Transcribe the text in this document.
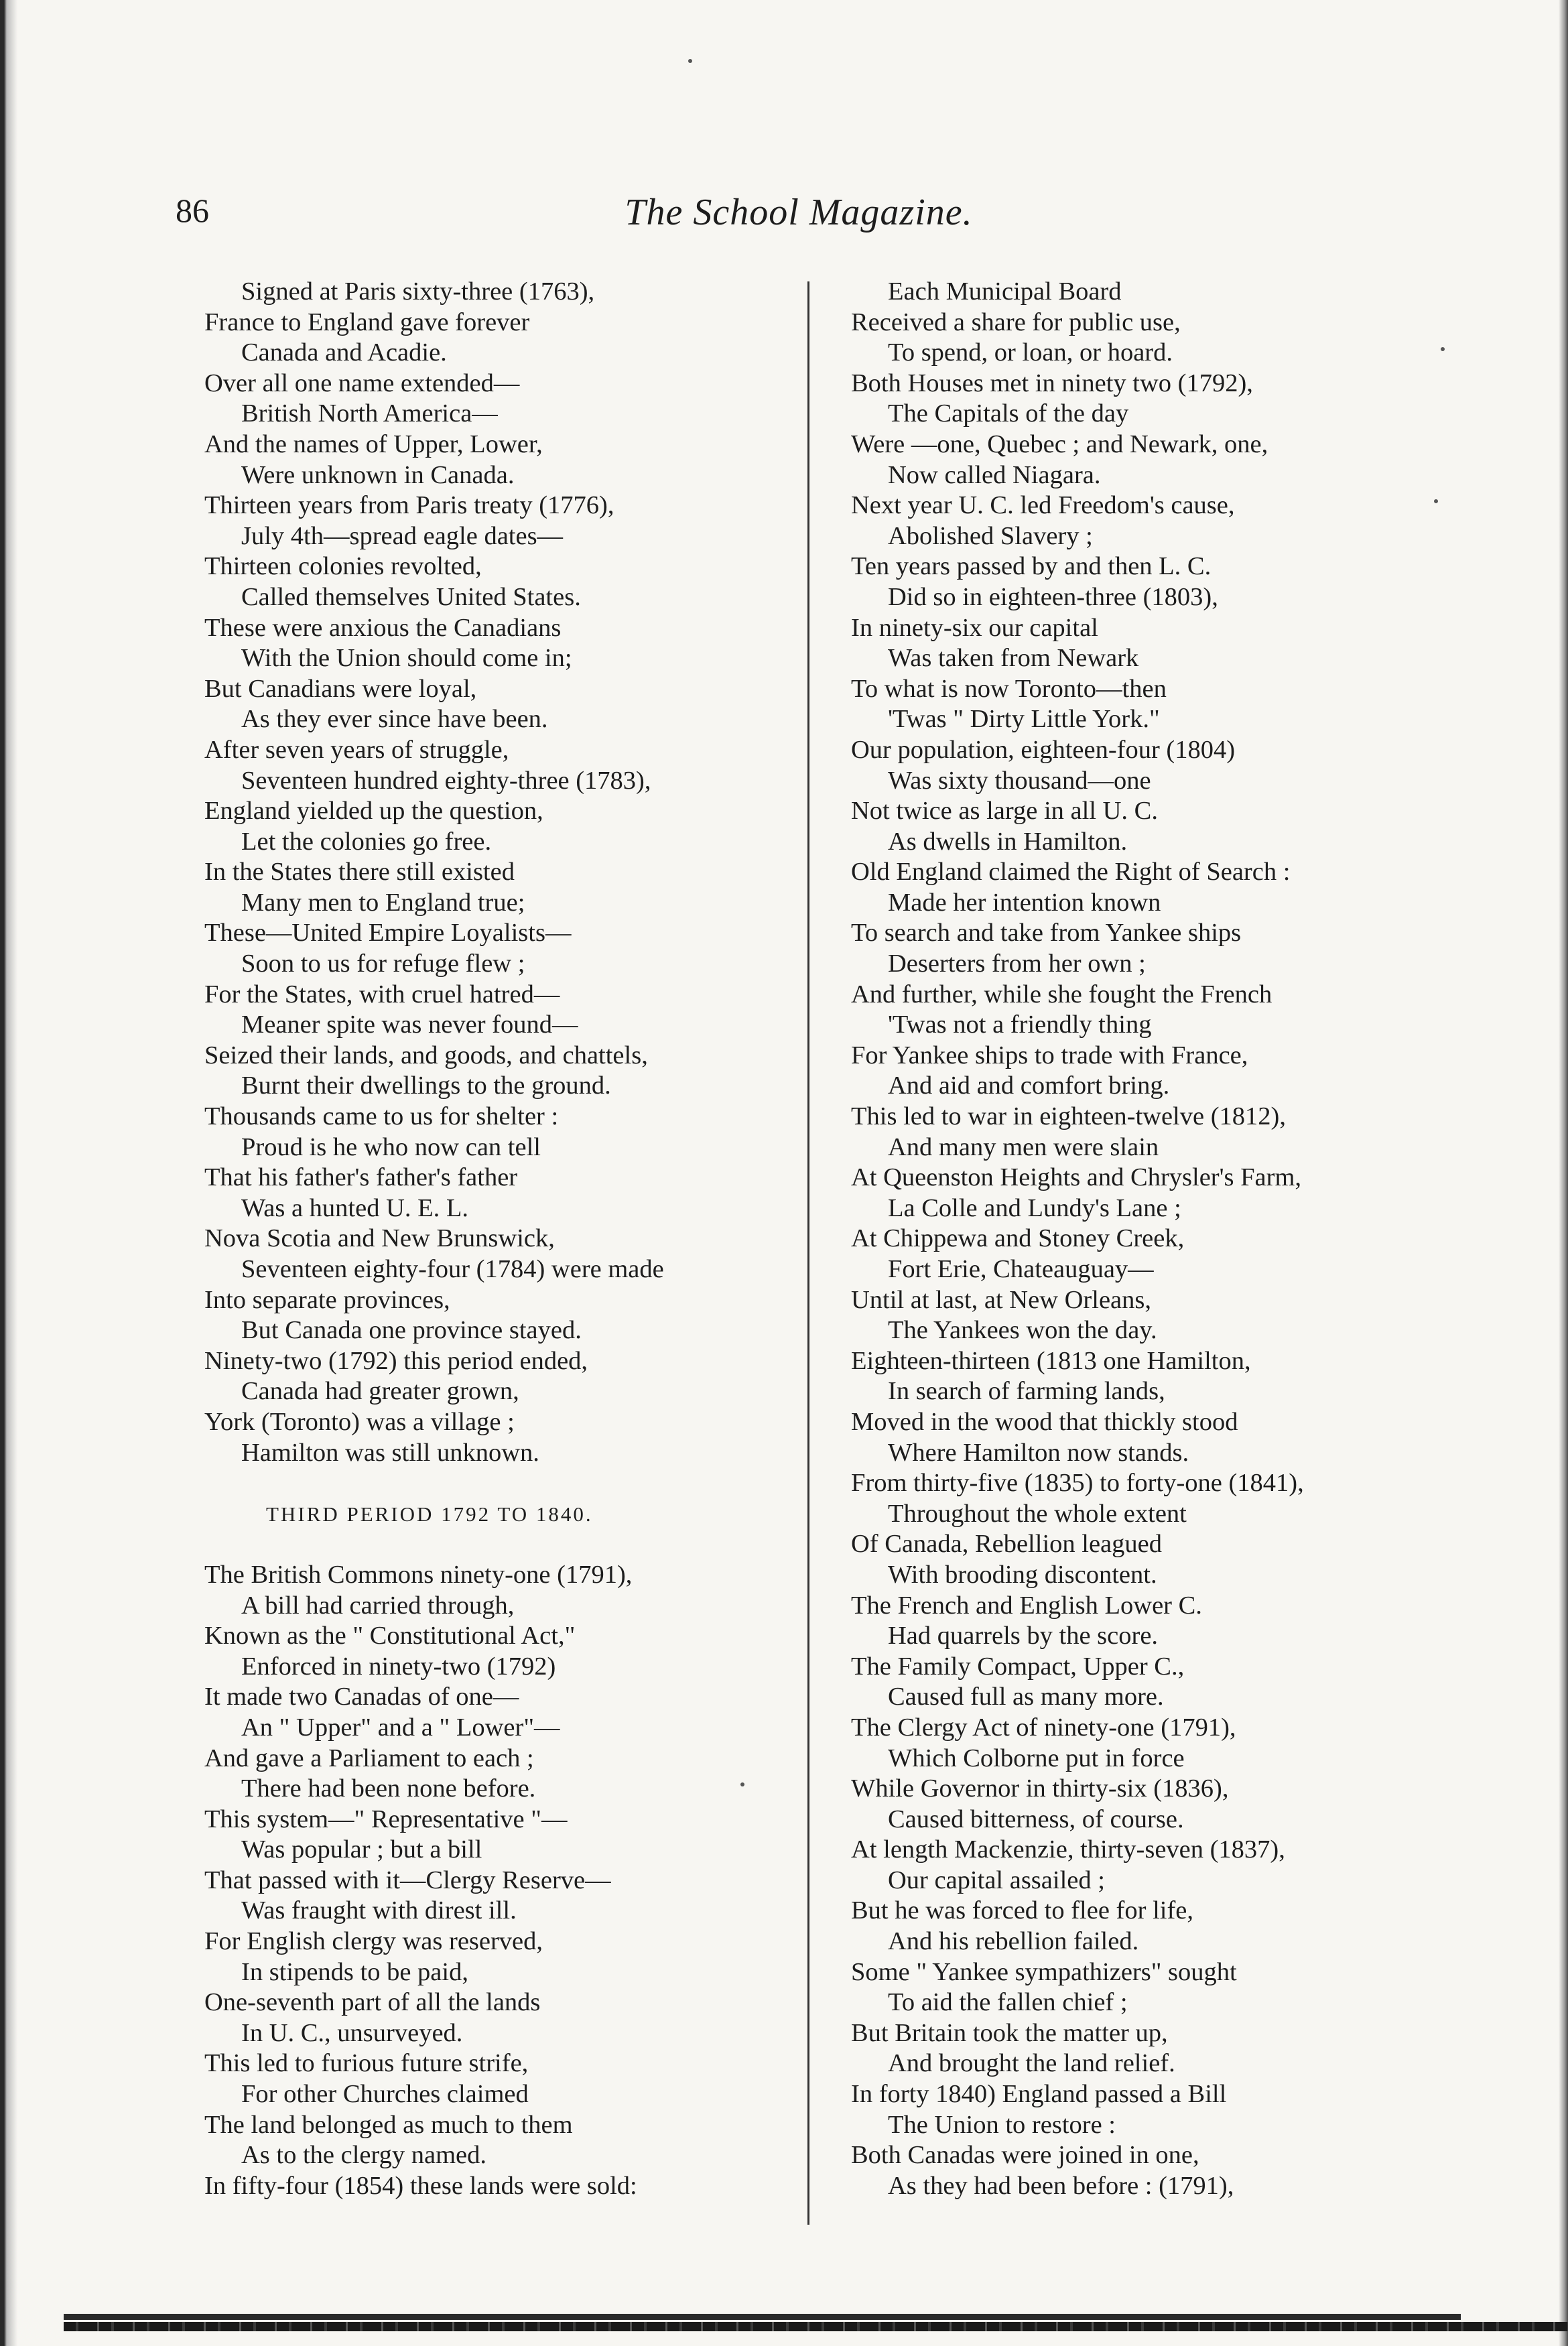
86	The School Magazine.
Signed at Paris sixty-three (1763),
France to England gave forever
Canada and Acadie.
Over all one name extended—
British North America—
And the names of Upper, Lower,
Were unknown in Canada.
Thirteen years from Paris treaty (1776),
July 4th—spread eagle dates—
Thirteen colonies revolted,
Called themselves United States.
These were anxious the Canadians
With the Union should come in;
But Canadians were loyal,
As they ever since have been.
After seven years of struggle,
Seventeen hundred eighty-three (1783),
England yielded up the question,
Let the colonies go free.
In the States there still existed
Many men to England true;
These—United Empire Loyalists—
Soon to us for refuge flew ;
For the States, with cruel hatred—
Meaner spite was never found—
Seized their lands, and goods, and chattels,
Burnt their dwellings to the ground.
Thousands came to us for shelter :
Proud is he who now can tell
That his father's father's father
Was a hunted U. E. L.
Nova Scotia and New Brunswick,
Seventeen eighty-four (1784) were made
Into separate provinces,
But Canada one province stayed.
Ninety-two (1792) this period ended,
Canada had greater grown,
York (Toronto) was a village ;
Hamilton was still unknown.
THIRD PERIOD 1792 TO 1840.
The British Commons ninety-one (1791),
A bill had carried through,
Known as the " Constitutional Act,"
Enforced in ninety-two (1792)
It made two Canadas of one—
An " Upper" and a " Lower"—
And gave a Parliament to each ;
There had been none before.
This system—" Representative "—
Was popular ; but a bill
That passed with it—Clergy Reserve—
Was fraught with direst ill.
For English clergy was reserved,
In stipends to be paid,
One-seventh part of all the lands
In U. C., unsurveyed.
This led to furious future strife,
For other Churches claimed
The land belonged as much to them
As to the clergy named.
In fifty-four (1854) these lands were sold:
Each Municipal Board
Received a share for public use,
To spend, or loan, or hoard.
Both Houses met in ninety two (1792),
The Capitals of the day
Were —one, Quebec ; and Newark, one,
Now called Niagara.
Next year U. C. led Freedom's cause,
Abolished Slavery ;
Ten years passed by and then L. C.
Did so in eighteen-three (1803),
In ninety-six our capital
Was taken from Newark
To what is now Toronto—then
'Twas " Dirty Little York."
Our population, eighteen-four (1804)
Was sixty thousand—one
Not twice as large in all U. C.
As dwells in Hamilton.
Old England claimed the Right of Search :
Made her intention known
To search and take from Yankee ships
Deserters from her own ;
And further, while she fought the French
'Twas not a friendly thing
For Yankee ships to trade with France,
And aid and comfort bring.
This led to war in eighteen-twelve (1812),
And many men were slain
At Queenston Heights and Chrysler's Farm,
La Colle and Lundy's Lane ;
At Chippewa and Stoney Creek,
Fort Erie, Chateauguay—
Until at last, at New Orleans,
The Yankees won the day.
Eighteen-thirteen (1813 one Hamilton,
In search of farming lands,
Moved in the wood that thickly stood
Where Hamilton now stands.
From thirty-five (1835) to forty-one (1841),
Throughout the whole extent
Of Canada, Rebellion leagued
With brooding discontent.
The French and English Lower C.
Had quarrels by the score.
The Family Compact, Upper C.,
Caused full as many more.
The Clergy Act of ninety-one (1791),
Which Colborne put in force
While Governor in thirty-six (1836),
Caused bitterness, of course.
At length Mackenzie, thirty-seven (1837),
Our capital assailed ;
But he was forced to flee for life,
And his rebellion failed.
Some " Yankee sympathizers" sought
To aid the fallen chief ;
But Britain took the matter up,
And brought the land relief.
In forty 1840) England passed a Bill
The Union to restore :
Both Canadas were joined in one,
As they had been before : (1791),
